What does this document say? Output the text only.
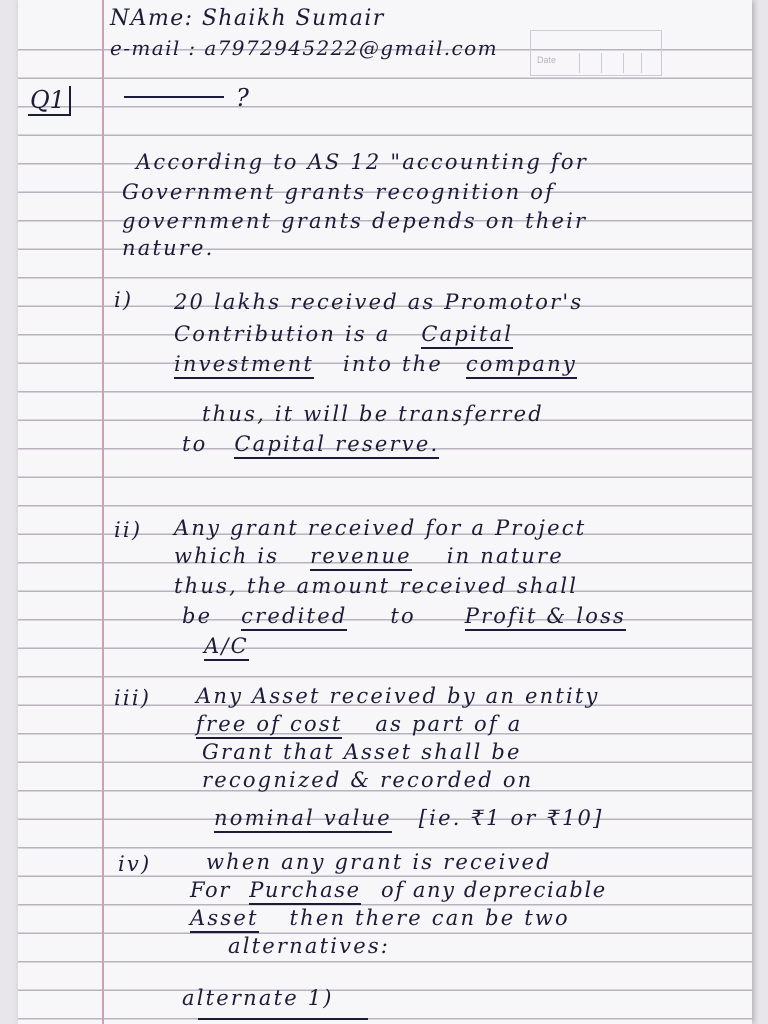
NAme: Shaikh Sumair
e-mail : a7972945222@gmail.com	Date
Q1	?
According to AS 12 "accounting for
Government grants recognition of
government grants depends on their
nature.
i) 20 lakhs received as Promotor's
Contribution is a Capital
investment into the company
thus, it will be transferred
to Capital reserve.
ii) Any grant received for a Project
which is revenue in nature
thus, the amount received shall
be credited to Profit & loss
A/C
iii) Any Asset received by an entity
free of cost as part of a
Grant that Asset shall be
recognized & recorded on
nominal value [ie. ₹1 or ₹10]
iv)	when any grant is received
For Purchase of any depreciable
Asset then there can be two
alternatives:
alternate 1)
